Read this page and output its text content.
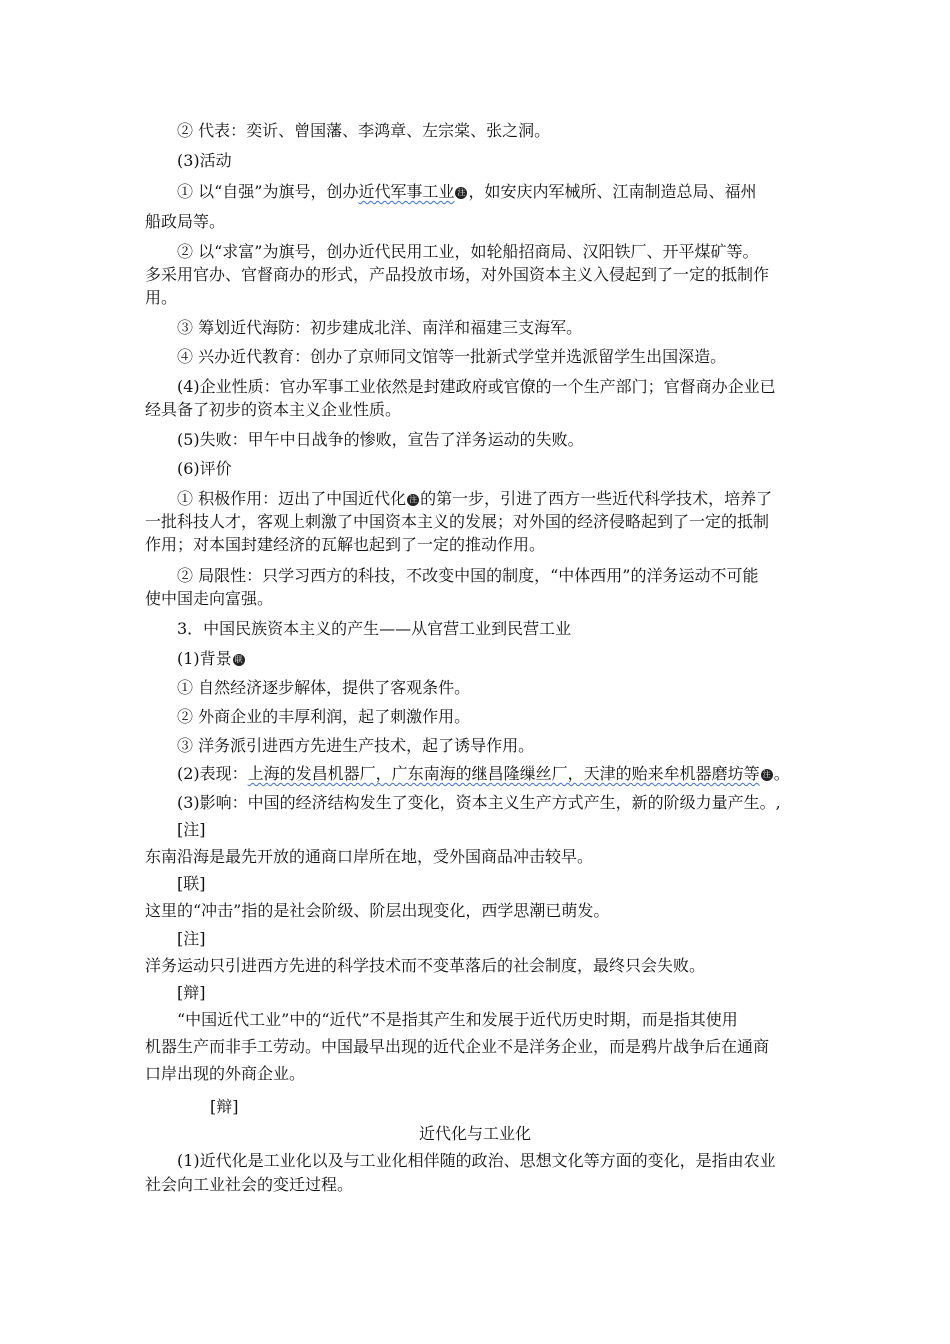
② 代表：奕䜣、曾国藩、李鸿章、左宗棠、张之洞。
(3)活动
① 以“自强”为旗号，创办近代军事工业 注 ，如安庆内军械所、江南制造总局、福州
船政局等。
② 以“求富”为旗号，创办近代民用工业，如轮船招商局、汉阳铁厂、开平煤矿等。
多采用官办、官督商办的形式，产品投放市场，对外国资本主义入侵起到了一定的抵制作
用。
③ 筹划近代海防：初步建成北洋、南洋和福建三支海军。
④ 兴办近代教育：创办了京师同文馆等一批新式学堂并选派留学生出国深造。
(4)企业性质：官办军事工业依然是封建政府或官僚的一个生产部门；官督商办企业已
经具备了初步的资本主义企业性质。
(5)失败：甲午中日战争的惨败，宣告了洋务运动的失败。
(6)评价
① 积极作用：迈出了中国近代化 注 的第一步，引进了西方一些近代科学技术，培养了
一批科技人才，客观上刺激了中国资本主义的发展；对外国的经济侵略起到了一定的抵制
作用；对本国封建经济的瓦解也起到了一定的推动作用。
② 局限性：只学习西方的科技，不改变中国的制度，“中体西用”的洋务运动不可能
使中国走向富强。
3．中国民族资本主义的产生——从官营工业到民营工业
(1)背景 联
① 自然经济逐步解体，提供了客观条件。
② 外商企业的丰厚利润，起了刺激作用。
③ 洋务派引进西方先进生产技术，起了诱导作用。
(2)表现：上海的发昌机器厂，广东南海的继昌隆缫丝厂，天津的贻来牟机器磨坊等 注 。
(3)影响：中国的经济结构发生了变化，资本主义生产方式产生，新的阶级力量产生。,
[注]
东南沿海是最先开放的通商口岸所在地，受外国商品冲击较早。
[联]
这里的“冲击”指的是社会阶级、阶层出现变化，西学思潮已萌发。
[注]
洋务运动只引进西方先进的科学技术而不变革落后的社会制度，最终只会失败。
[辩]
“中国近代工业”中的“近代”不是指其产生和发展于近代历史时期，而是指其使用
机器生产而非手工劳动。中国最早出现的近代企业不是洋务企业，而是鸦片战争后在通商
口岸出现的外商企业。
[辩]
近代化与工业化
(1)近代化是工业化以及与工业化相伴随的政治、思想文化等方面的变化，是指由农业
社会向工业社会的变迁过程。
